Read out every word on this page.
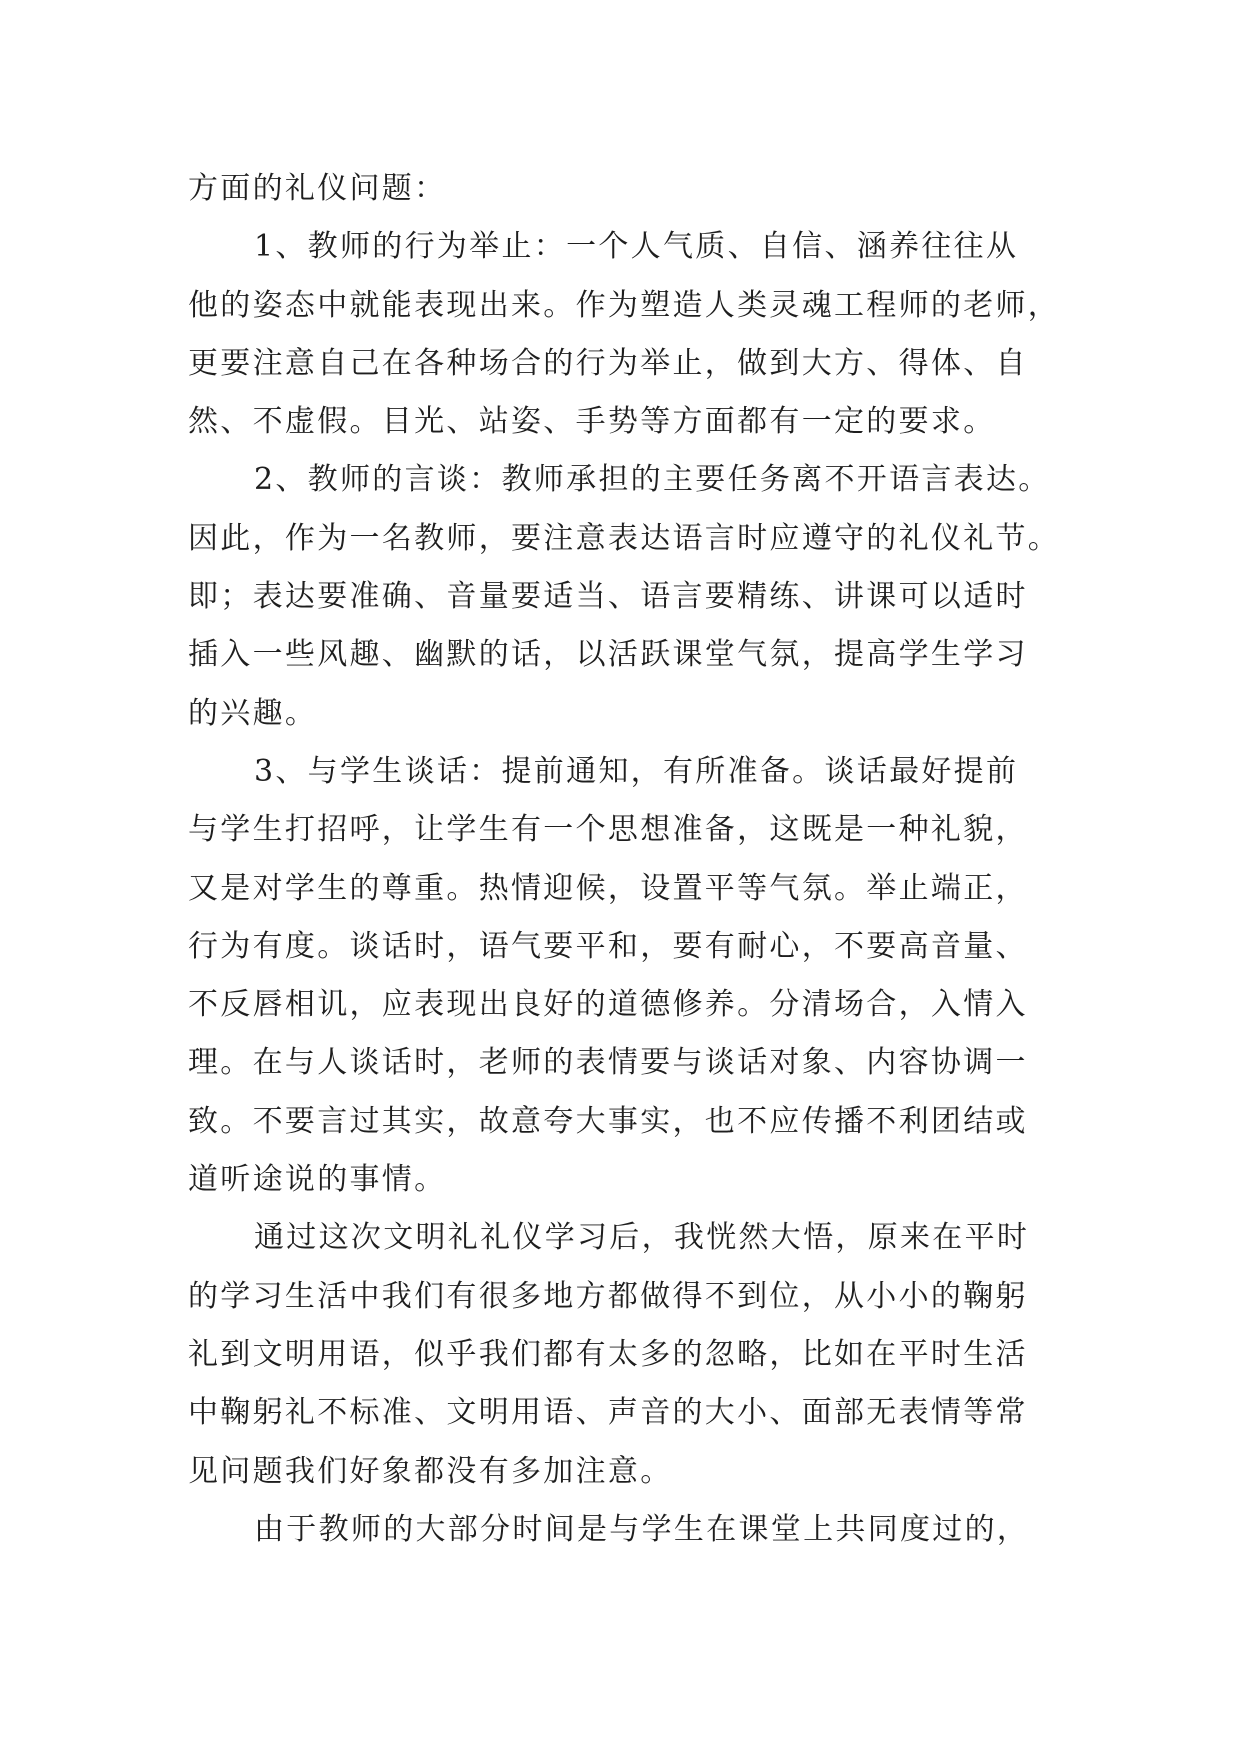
方面的礼仪问题：
1、教师的行为举止：一个人气质、自信、涵养往往从
他的姿态中就能表现出来。作为塑造人类灵魂工程师的老师，
更要注意自己在各种场合的行为举止，做到大方、得体、自
然、不虚假。目光、站姿、手势等方面都有一定的要求。
2、教师的言谈：教师承担的主要任务离不开语言表达。
因此，作为一名教师，要注意表达语言时应遵守的礼仪礼节。
即；表达要准确、音量要适当、语言要精练、讲课可以适时
插入一些风趣、幽默的话，以活跃课堂气氛，提高学生学习
的兴趣。
3、与学生谈话：提前通知，有所准备。谈话最好提前
与学生打招呼，让学生有一个思想准备，这既是一种礼貌，
又是对学生的尊重。热情迎候，设置平等气氛。举止端正，
行为有度。谈话时，语气要平和，要有耐心，不要高音量、
不反唇相讥，应表现出良好的道德修养。分清场合，入情入
理。在与人谈话时，老师的表情要与谈话对象、内容协调一
致。不要言过其实，故意夸大事实，也不应传播不利团结或
道听途说的事情。
通过这次文明礼礼仪学习后，我恍然大悟，原来在平时
的学习生活中我们有很多地方都做得不到位，从小小的鞠躬
礼到文明用语，似乎我们都有太多的忽略，比如在平时生活
中鞠躬礼不标准、文明用语、声音的大小、面部无表情等常
见问题我们好象都没有多加注意。
由于教师的大部分时间是与学生在课堂上共同度过的，
